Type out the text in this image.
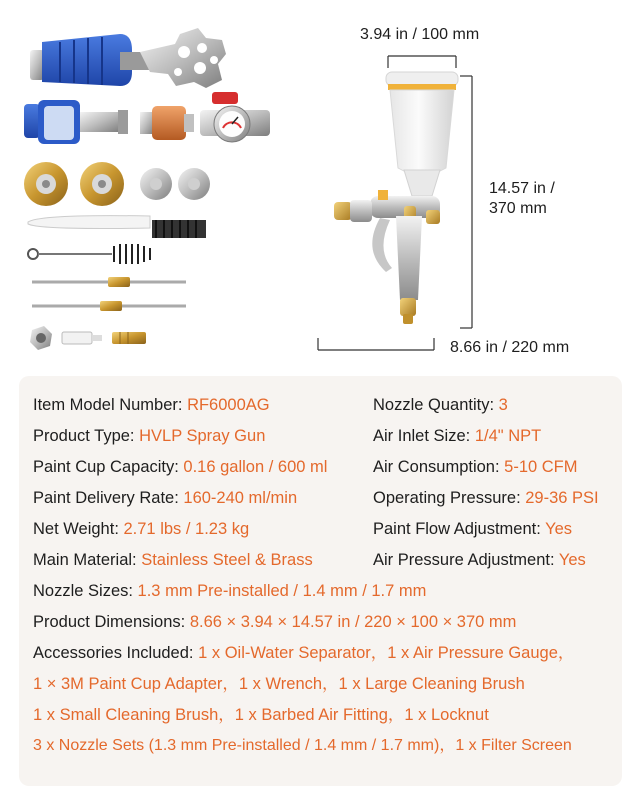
3.94 in / 100 mm
14.57 in /
370 mm
8.66 in / 220 mm
Item Model Number: RF6000AG
Product Type: HVLP Spray Gun
Paint Cup Capacity: 0.16 gallon / 600 ml
Paint Delivery Rate: 160-240 ml/min
Net Weight: 2.71 lbs / 1.23 kg
Main Material: Stainless Steel & Brass
Nozzle Quantity: 3
Air Inlet Size: 1/4" NPT
Air Consumption: 5-10 CFM
Operating Pressure: 29-36 PSI
Paint Flow Adjustment: Yes
Air Pressure Adjustment: Yes
Nozzle Sizes: 1.3 mm Pre-installed / 1.4 mm / 1.7 mm
Product Dimensions: 8.66 × 3.94 × 14.57 in / 220 × 100 × 370 mm
Accessories Included: 1 x Oil-Water Separator，1 x Air Pressure Gauge，
1 × 3M Paint Cup Adapter，1 x Wrench，1 x Large Cleaning Brush
1 x Small Cleaning Brush，1 x Barbed Air Fitting，1 x Locknut
3 x Nozzle Sets (1.3 mm Pre-installed / 1.4 mm / 1.7 mm)，1 x Filter Screen
